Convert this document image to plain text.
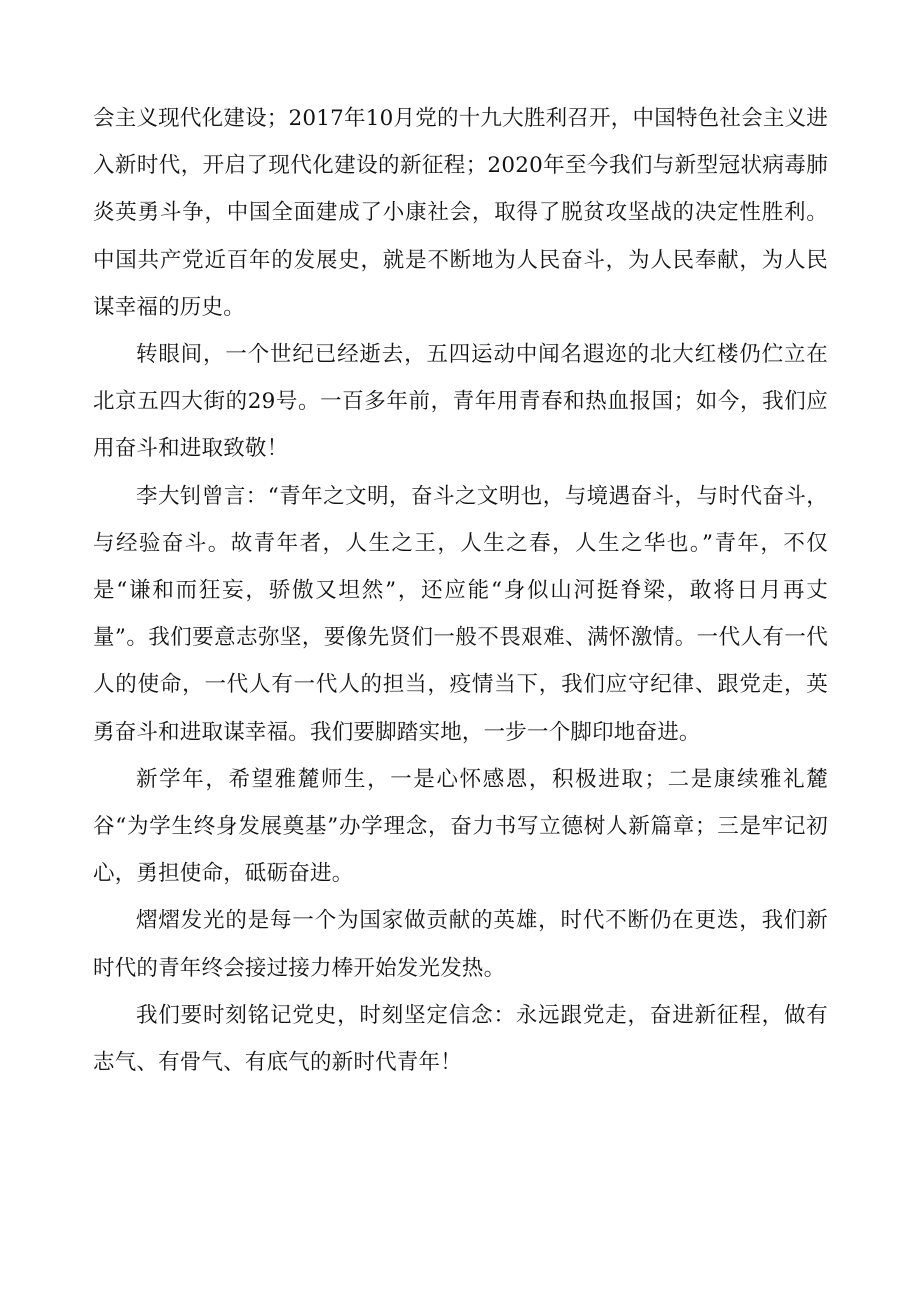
会主义现代化建设；2017年10月党的十九大胜利召开，中国特色社会主义进入新时代，开启了现代化建设的新征程；2020年至今我们与新型冠状病毒肺炎英勇斗争，中国全面建成了小康社会，取得了脱贫攻坚战的决定性胜利。中国共产党近百年的发展史，就是不断地为人民奋斗，为人民奉献，为人民谋幸福的历史。

转眼间，一个世纪已经逝去，五四运动中闻名遐迩的北大红楼仍伫立在北京五四大街的29号。一百多年前，青年用青春和热血报国；如今，我们应用奋斗和进取致敬！

李大钊曾言：“青年之文明，奋斗之文明也，与境遇奋斗，与时代奋斗，与经验奋斗。故青年者，人生之王，人生之春，人生之华也。”青年，不仅是“谦和而狂妄，骄傲又坦然”，还应能“身似山河挺脊梁，敢将日月再丈量”。我们要意志弥坚，要像先贤们一般不畏艰难、满怀激情。一代人有一代人的使命，一代人有一代人的担当，疫情当下，我们应守纪律、跟党走，英勇奋斗和进取谋幸福。我们要脚踏实地，一步一个脚印地奋进。

新学年，希望雅麓师生，一是心怀感恩，积极进取；二是康续雅礼麓谷“为学生终身发展奠基”办学理念，奋力书写立德树人新篇章；三是牢记初心，勇担使命，砥砺奋进。

熠熠发光的是每一个为国家做贡献的英雄，时代不断仍在更迭，我们新时代的青年终会接过接力棒开始发光发热。

我们要时刻铭记党史，时刻坚定信念：永远跟党走，奋进新征程，做有志气、有骨气、有底气的新时代青年！
